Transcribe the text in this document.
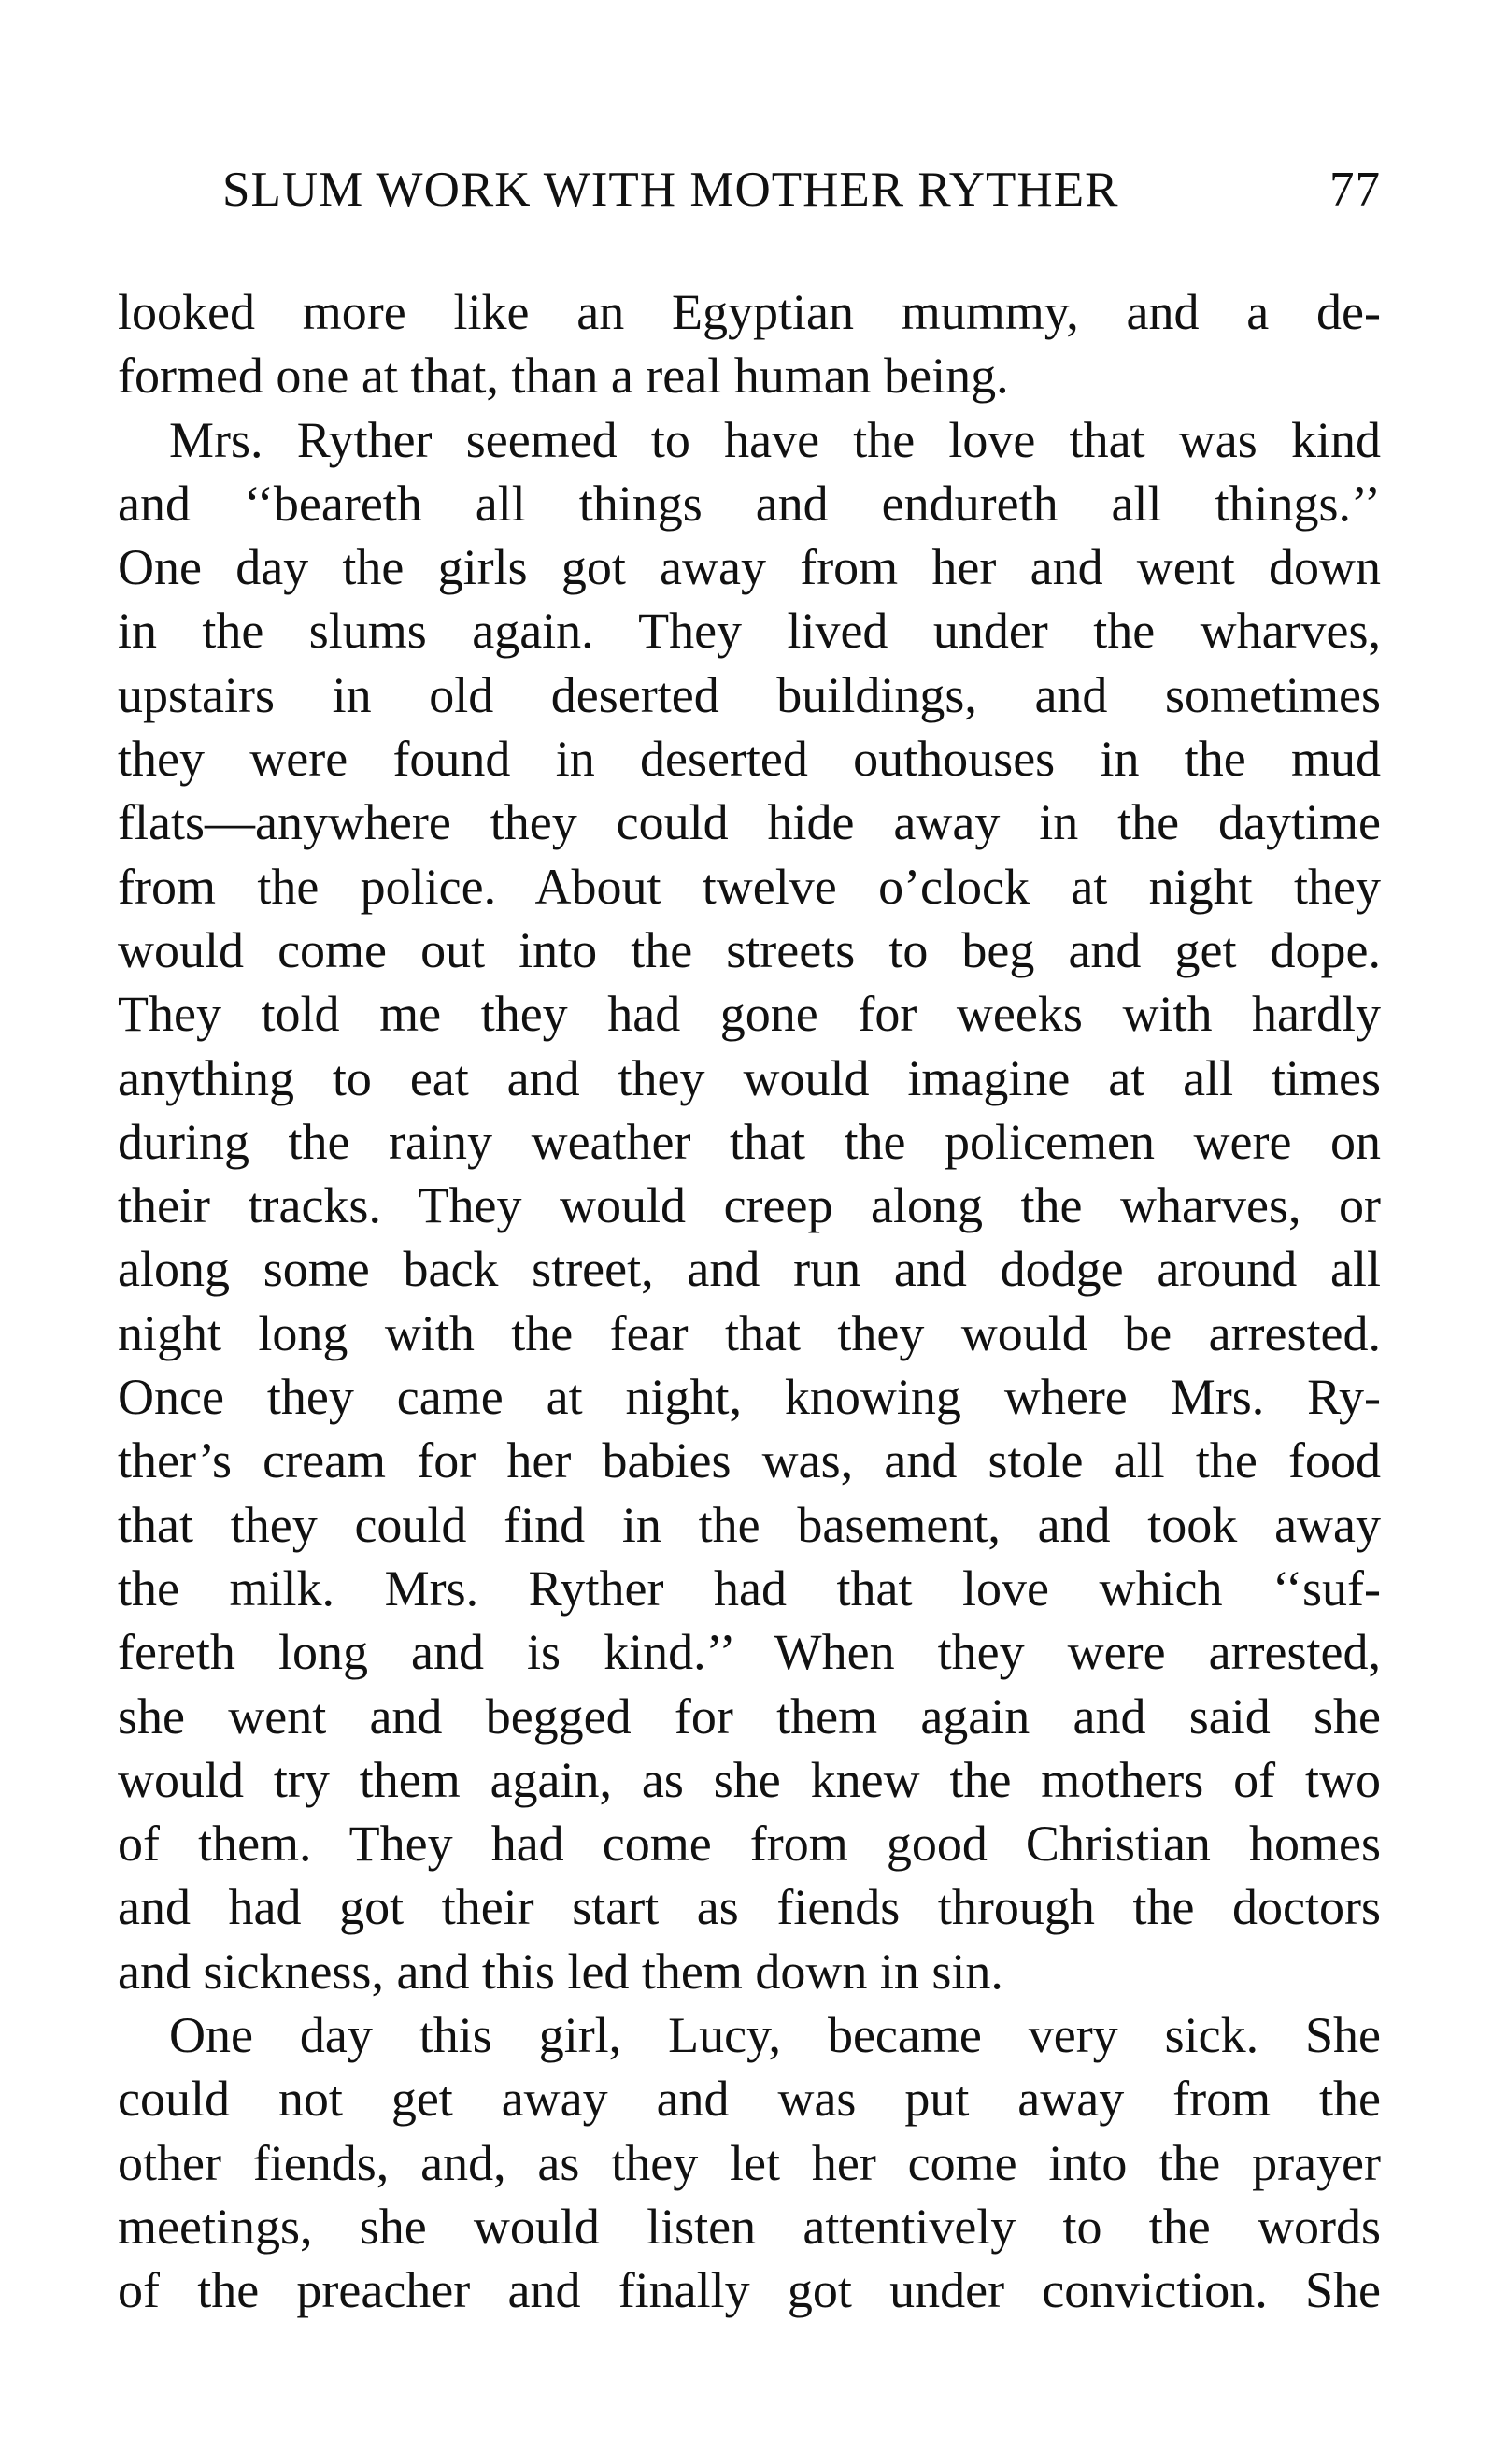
SLUM WORK WITH MOTHER RYTHER	77
looked more like an Egyptian mummy, and a de-
formed one at that, than a real human being.
Mrs. Ryther seemed to have the love that was kind
and ‘‘beareth all things and endureth all things.’’
One day the girls got away from her and went down
in the slums again. They lived under the wharves,
upstairs in old deserted buildings, and sometimes
they were found in deserted outhouses in the mud
flats—anywhere they could hide away in the daytime
from the police. About twelve o’clock at night they
would come out into the streets to beg and get dope.
They told me they had gone for weeks with hardly
anything to eat and they would imagine at all times
during the rainy weather that the policemen were on
their tracks. They would creep along the wharves, or
along some back street, and run and dodge around all
night long with the fear that they would be arrested.
Once they came at night, knowing where Mrs. Ry-
ther’s cream for her babies was, and stole all the food
that they could find in the basement, and took away
the milk. Mrs. Ryther had that love which ‘‘suf-
fereth long and is kind.’’ When they were arrested,
she went and begged for them again and said she
would try them again, as she knew the mothers of two
of them. They had come from good Christian homes
and had got their start as fiends through the doctors
and sickness, and this led them down in sin.
One day this girl, Lucy, became very sick. She
could not get away and was put away from the
other fiends, and, as they let her come into the prayer
meetings, she would listen attentively to the words
of the preacher and finally got under conviction. She
